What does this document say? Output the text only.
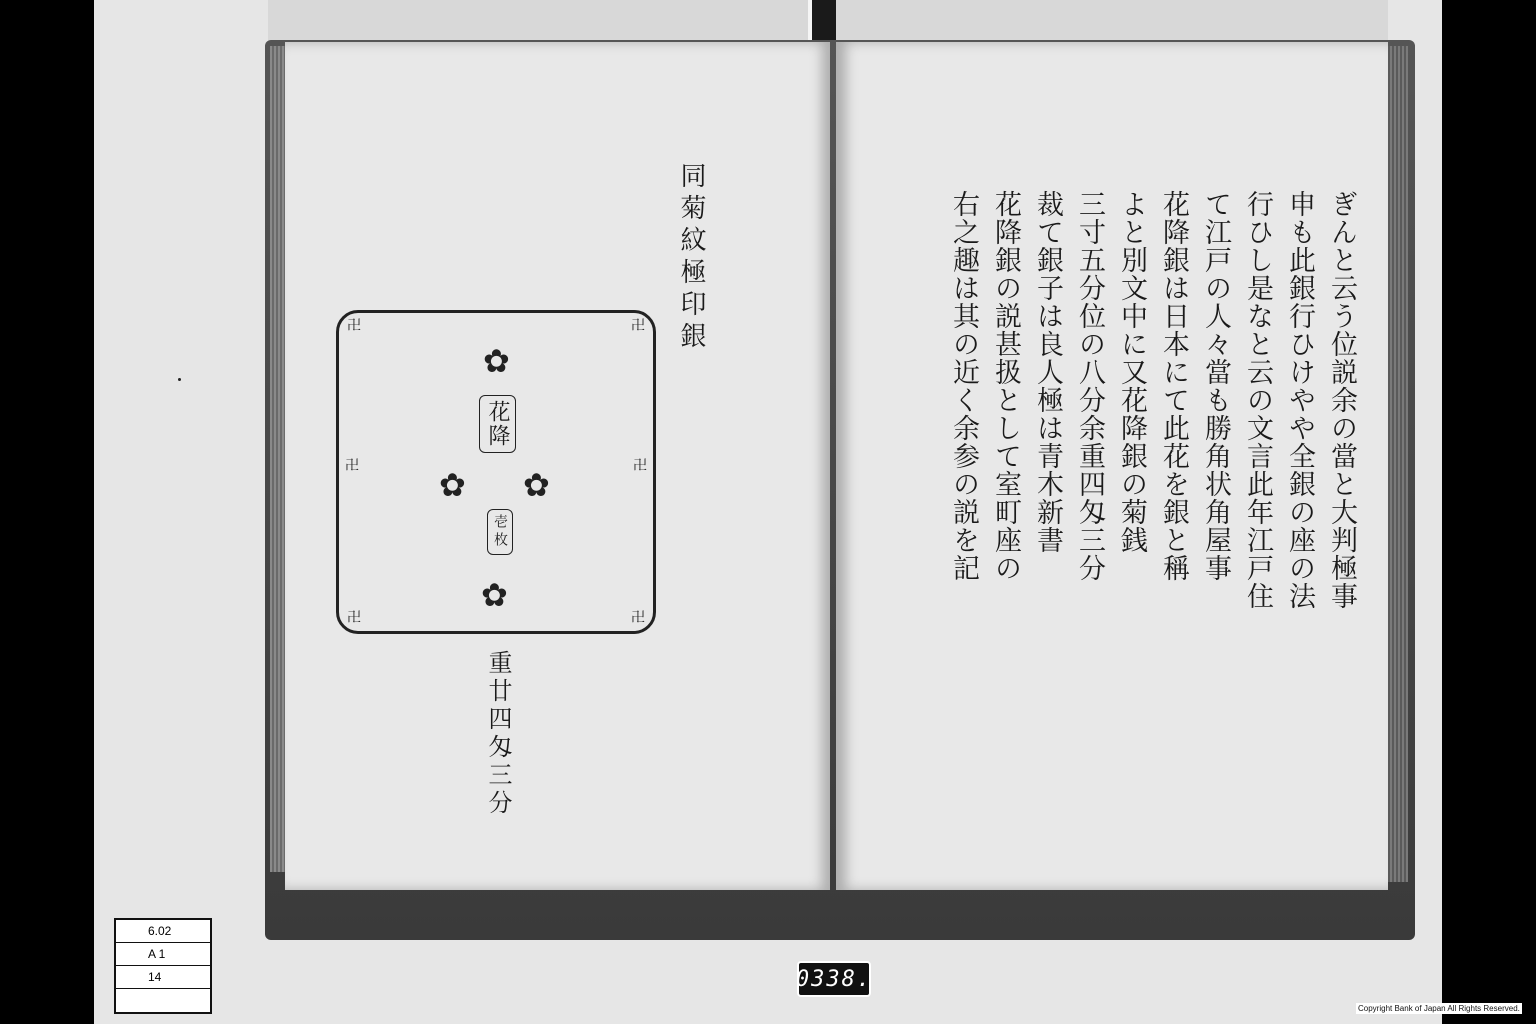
同菊紋極印銀
卍	卍
卍	卍
卍	卍
✿
✿ ✿
✿
花降
壱枚
重廿四匁三分
ぎんと云う位説余の當と大判極事
申も此銀行ひけやや全銀の座の法
行ひし是なと云の文言此年江戸住
て江戸の人々當も勝角状角屋事
花降銀は日本にて此花を銀と稱
よと別文中に又花降銀の菊銭
三寸五分位の八分余重四匁三分
裁て銀子は良人極は青木新書
花降銀の説甚扱として室町座の
右之趣は其の近く余参の説を記
6.02
A 1
14	0338.
Copyright Bank of Japan All Rights Reserved.
